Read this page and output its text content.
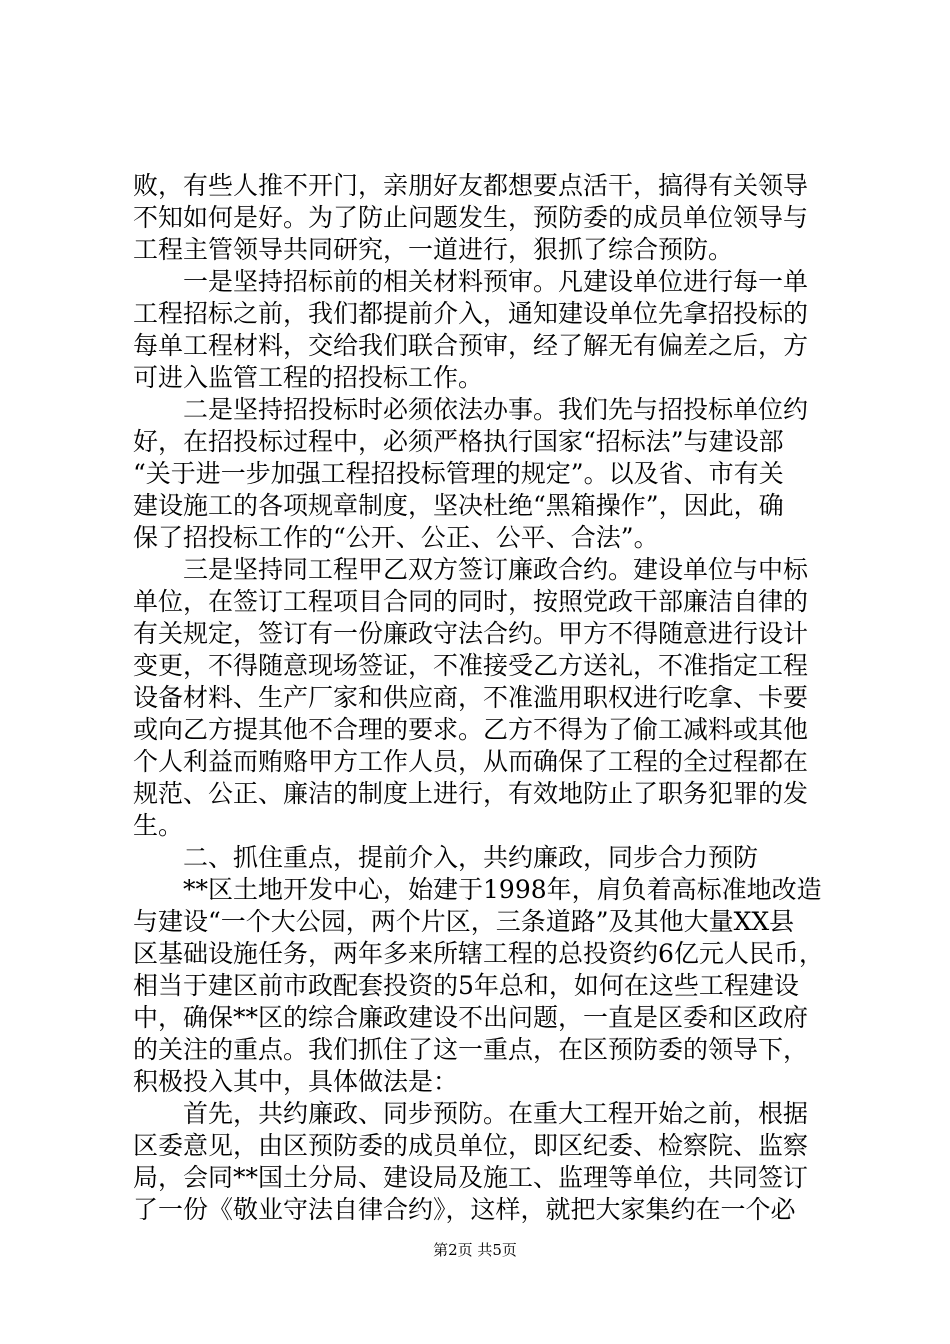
败，有些人推不开门，亲朋好友都想要点活干，搞得有关领导
不知如何是好。为了防止问题发生，预防委的成员单位领导与
工程主管领导共同研究，一道进行，狠抓了综合预防。
　　一是坚持招标前的相关材料预审。凡建设单位进行每一单
工程招标之前，我们都提前介入，通知建设单位先拿招投标的
每单工程材料，交给我们联合预审，经了解无有偏差之后，方
可进入监管工程的招投标工作。
　　二是坚持招投标时必须依法办事。我们先与招投标单位约
好，在招投标过程中，必须严格执行国家“招标法”与建设部
“关于进一步加强工程招投标管理的规定”。以及省、市有关
建设施工的各项规章制度，坚决杜绝“黑箱操作”，因此，确
保了招投标工作的“公开、公正、公平、合法”。
　　三是坚持同工程甲乙双方签订廉政合约。建设单位与中标
单位，在签订工程项目合同的同时，按照党政干部廉洁自律的
有关规定，签订有一份廉政守法合约。甲方不得随意进行设计
变更，不得随意现场签证，不准接受乙方送礼，不准指定工程
设备材料、生产厂家和供应商，不准滥用职权进行吃拿、卡要
或向乙方提其他不合理的要求。乙方不得为了偷工减料或其他
个人利益而贿赂甲方工作人员，从而确保了工程的全过程都在
规范、公正、廉洁的制度上进行，有效地防止了职务犯罪的发
生。
　　二、抓住重点，提前介入，共约廉政，同步合力预防
　　**区土地开发中心，始建于1998年，肩负着高标准地改造
与建设“一个大公园，两个片区，三条道路”及其他大量XX县
区基础设施任务，两年多来所辖工程的总投资约6亿元人民币，
相当于建区前市政配套投资的5年总和，如何在这些工程建设
中，确保**区的综合廉政建设不出问题，一直是区委和区政府
的关注的重点。我们抓住了这一重点，在区预防委的领导下，
积极投入其中，具体做法是：
　　首先，共约廉政、同步预防。在重大工程开始之前，根据
区委意见，由区预防委的成员单位，即区纪委、检察院、监察
局，会同**国土分局、建设局及施工、监理等单位，共同签订
了一份《敬业守法自律合约》，这样，就把大家集约在一个必
第2页 共5页
